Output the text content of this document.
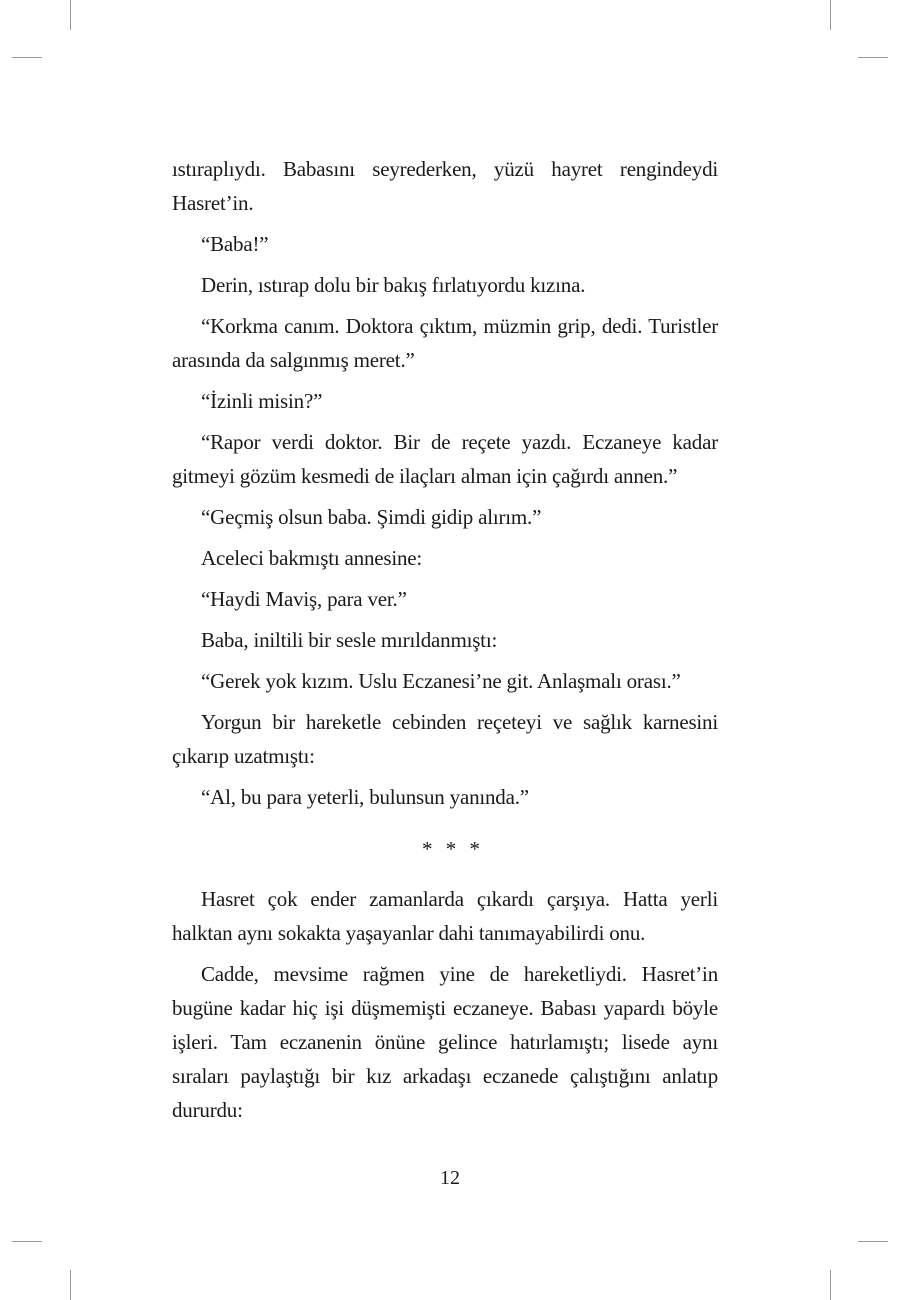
ıstıraplıydı. Babasını seyrederken, yüzü hayret rengindeydi Hasret’in.

“Baba!”

Derin, ıstırap dolu bir bakış fırlatıyordu kızına.

“Korkma canım. Doktora çıktım, müzmin grip, dedi. Turistler arasında da salgınmış meret.”

“İzinli misin?”

“Rapor verdi doktor. Bir de reçete yazdı. Eczaneye kadar gitmeyi gözüm kesmedi de ilaçları alman için çağırdı annen.”

“Geçmiş olsun baba. Şimdi gidip alırım.”

Aceleci bakmıştı annesine:

“Haydi Maviş, para ver.”

Baba, iniltili bir sesle mırıldanmıştı:

“Gerek yok kızım. Uslu Eczanesi’ne git. Anlaşmalı orası.”

Yorgun bir hareketle cebinden reçeteyi ve sağlık karnesini çıkarıp uzatmıştı:

“Al, bu para yeterli, bulunsun yanında.”

* * *

Hasret çok ender zamanlarda çıkardı çarşıya. Hatta yerli halktan aynı sokakta yaşayanlar dahi tanımayabilirdi onu.

Cadde, mevsime rağmen yine de hareketliydi. Hasret’in bugüne kadar hiç işi düşmemişti eczaneye. Babası yapardı böyle işleri. Tam eczanenin önüne gelince hatırlamıştı; lisede aynı sıraları paylaştığı bir kız arkadaşı eczanede çalıştığını anlatıp dururdu:

12
